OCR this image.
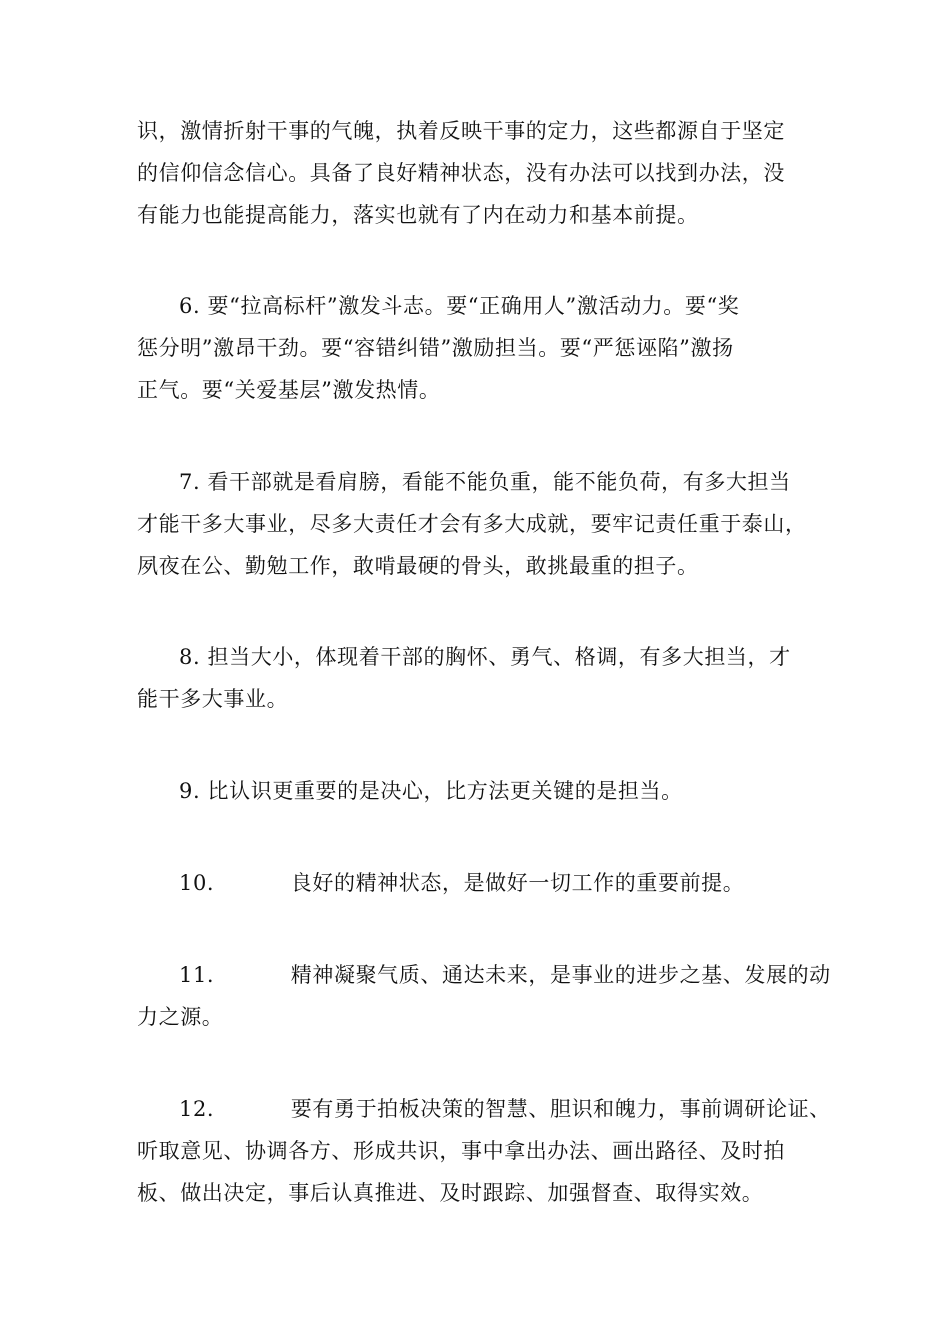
识，激情折射干事的气魄，执着反映干事的定力，这些都源自于坚定
的信仰信念信心。具备了良好精神状态，没有办法可以找到办法，没
有能力也能提高能力，落实也就有了内在动力和基本前提。
6. 要“拉高标杆”激发斗志。要“正确用人”激活动力。要“奖
惩分明”激昂干劲。要“容错纠错”激励担当。要“严惩诬陷”激扬
正气。要“关爱基层”激发热情。
7. 看干部就是看肩膀，看能不能负重，能不能负荷，有多大担当
才能干多大事业，尽多大责任才会有多大成就，要牢记责任重于泰山，
夙夜在公、勤勉工作，敢啃最硬的骨头，敢挑最重的担子。
8. 担当大小，体现着干部的胸怀、勇气、格调，有多大担当，才
能干多大事业。
9. 比认识更重要的是决心，比方法更关键的是担当。
10.	良好的精神状态，是做好一切工作的重要前提。
11.	精神凝聚气质、通达未来，是事业的进步之基、发展的动
力之源。
12.	要有勇于拍板决策的智慧、胆识和魄力，事前调研论证、
听取意见、协调各方、形成共识，事中拿出办法、画出路径、及时拍
板、做出决定，事后认真推进、及时跟踪、加强督查、取得实效。
